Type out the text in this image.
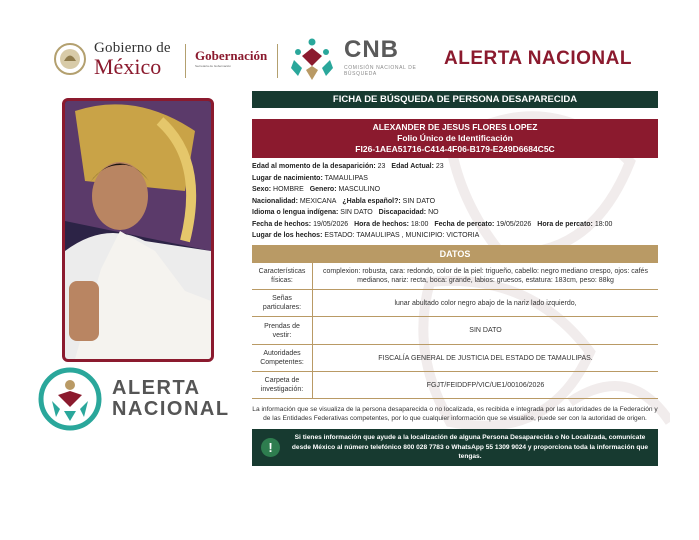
Gobierno de
México	Gobernación
Secretaría de Gobernación
CNB
COMISIÓN NACIONAL DE BÚSQUEDA
ALERTA NACIONAL
ALERTA
NACIONAL
FICHA DE BÚSQUEDA DE PERSONA DESAPARECIDA
ALEXANDER DE JESUS FLORES LOPEZ
Folio Único de Identificación
FI26-1AEA51716-C414-4F06-B179-E249D6684C5C
Edad al momento de la desaparición: 23 Edad Actual: 23
Lugar de nacimiento: TAMAULIPAS
Sexo: HOMBRE Genero: MASCULINO
Nacionalidad: MEXICANA ¿Habla español?: SIN DATO
Idioma o lengua indígena: SIN DATO Discapacidad: NO
Fecha de hechos: 19/05/2026 Hora de hechos: 18:00 Fecha de percato: 19/05/2026 Hora de percato: 18:00
Lugar de los hechos: ESTADO: TAMAULIPAS , MUNICIPIO: VICTORIA
DATOS
Características físicas:	complexion: robusta, cara: redondo, color de la piel: trigueño, cabello: negro mediano crespo, ojos: cafés medianos, nariz: recta, boca: grande, labios: gruesos, estatura: 183cm, peso: 88kg
Señas particulares:	lunar abultado color negro abajo de la nariz lado izquierdo,
Prendas de vestir:	SIN DATO
Autoridades Competentes:	FISCALÍA GENERAL DE JUSTICIA DEL ESTADO DE TAMAULIPAS.
Carpeta de investigación:	FGJT/FEIDDFP/VIC/UE1/00106/2026
La información que se visualiza de la persona desaparecida o no localizada, es recibida e integrada por las autoridades de la Federación y de las Entidades Federativas competentes, por lo que cualquier información que se visualice, puede ser con la autoridad de origen.
!
Si tienes información que ayude a la localización de alguna Persona Desaparecida o No Localizada, comunícate desde México al número telefónico 800 028 7783 o WhatsApp 55 1309 9024 y proporciona toda la información que tengas.
